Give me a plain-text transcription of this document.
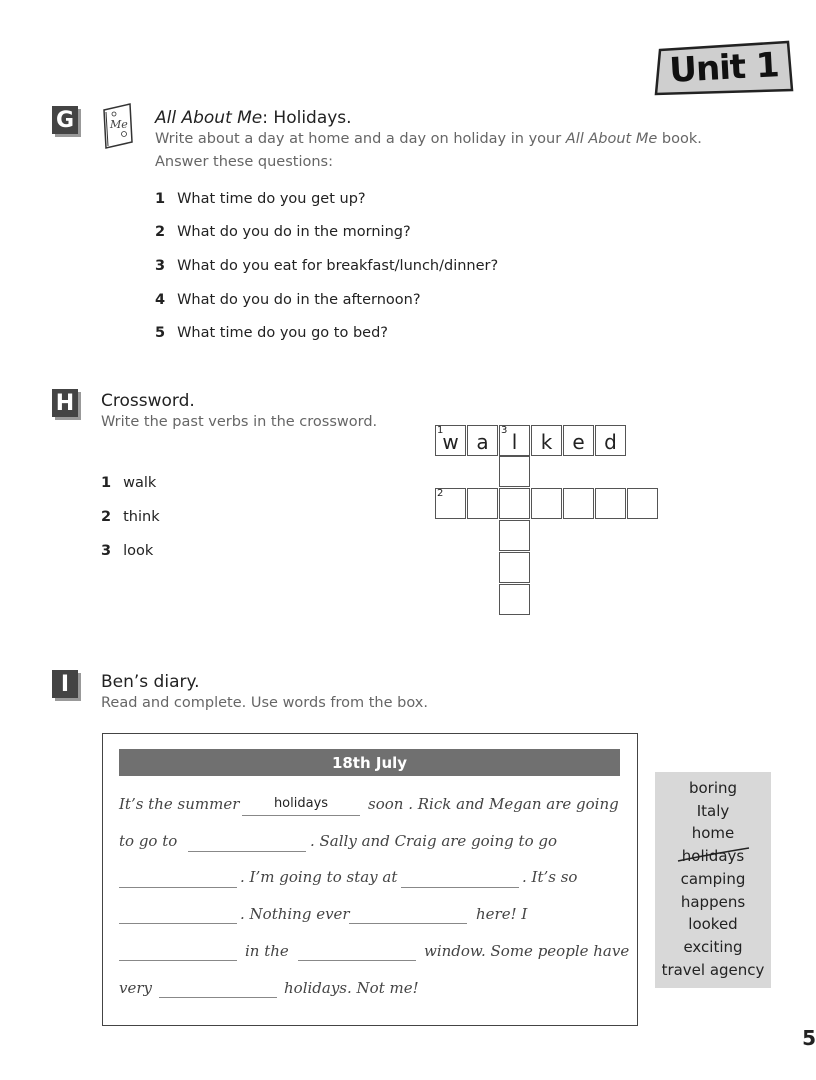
Unit 1
G	Me All About Me: Holidays.
Write about a day at home and a day on holiday in your All About Me book.
Answer these questions:
1 What time do you get up?
2 What do you do in the morning?
3 What do you eat for breakfast/lunch/dinner?
4 What do you do in the afternoon?
5 What time do you go to bed?
H Crossword.
Write the past verbs in the crossword.
1 walk
2 think
3 look
1	3
2
w a	l	k	e d
I	Ben’s diary.
Read and complete. Use words from the box.
18th July
It’s the summer	holidays	soon . Rick and Megan are going
to go to	. Sally and Craig are going to go
. I’m going to stay at	. It’s so
. Nothing ever	here! I
in the	window. Some people have
very	holidays. Not me!
boring
Italy
home
holidays
camping
happens
looked
exciting
travel agency
5
